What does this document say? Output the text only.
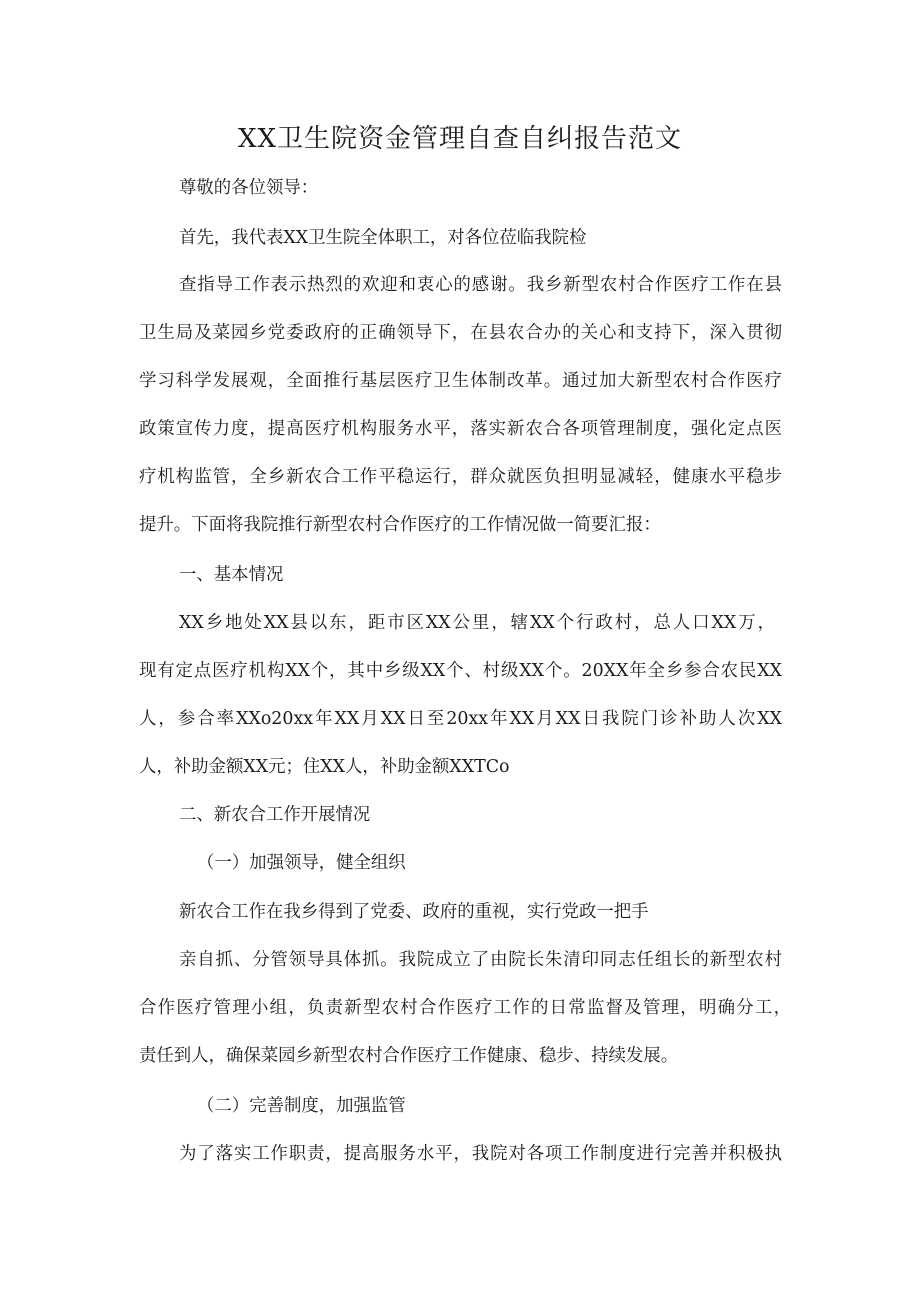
XX卫生院资金管理自查自纠报告范文
尊敬的各位领导：
首先，我代表XX卫生院全体职工，对各位莅临我院检
查指导工作表示热烈的欢迎和衷心的感谢。我乡新型农村合作医疗工作在县
卫生局及菜园乡党委政府的正确领导下，在县农合办的关心和支持下，深入贯彻
学习科学发展观，全面推行基层医疗卫生体制改革。通过加大新型农村合作医疗
政策宣传力度，提高医疗机构服务水平，落实新农合各项管理制度，强化定点医
疗机构监管，全乡新农合工作平稳运行，群众就医负担明显减轻，健康水平稳步
提升。下面将我院推行新型农村合作医疗的工作情况做一简要汇报：
一、基本情况
XX乡地处XX县以东，距市区XX公里，辖XX个行政村，总人口XX万，
现有定点医疗机构XX个，其中乡级XX个、村级XX个。20XX年全乡参合农民XX
人，参合率XXo20xx年XX月XX日至20xx年XX月XX日我院门诊补助人次XX
人，补助金额XX元；住XX人，补助金额XXTCo
二、新农合工作开展情况
（一）加强领导，健全组织
新农合工作在我乡得到了党委、政府的重视，实行党政一把手
亲自抓、分管领导具体抓。我院成立了由院长朱清印同志任组长的新型农村
合作医疗管理小组，负责新型农村合作医疗工作的日常监督及管理，明确分工，
责任到人，确保菜园乡新型农村合作医疗工作健康、稳步、持续发展。
（二）完善制度，加强监管
为了落实工作职责，提高服务水平，我院对各项工作制度进行完善并积极执
